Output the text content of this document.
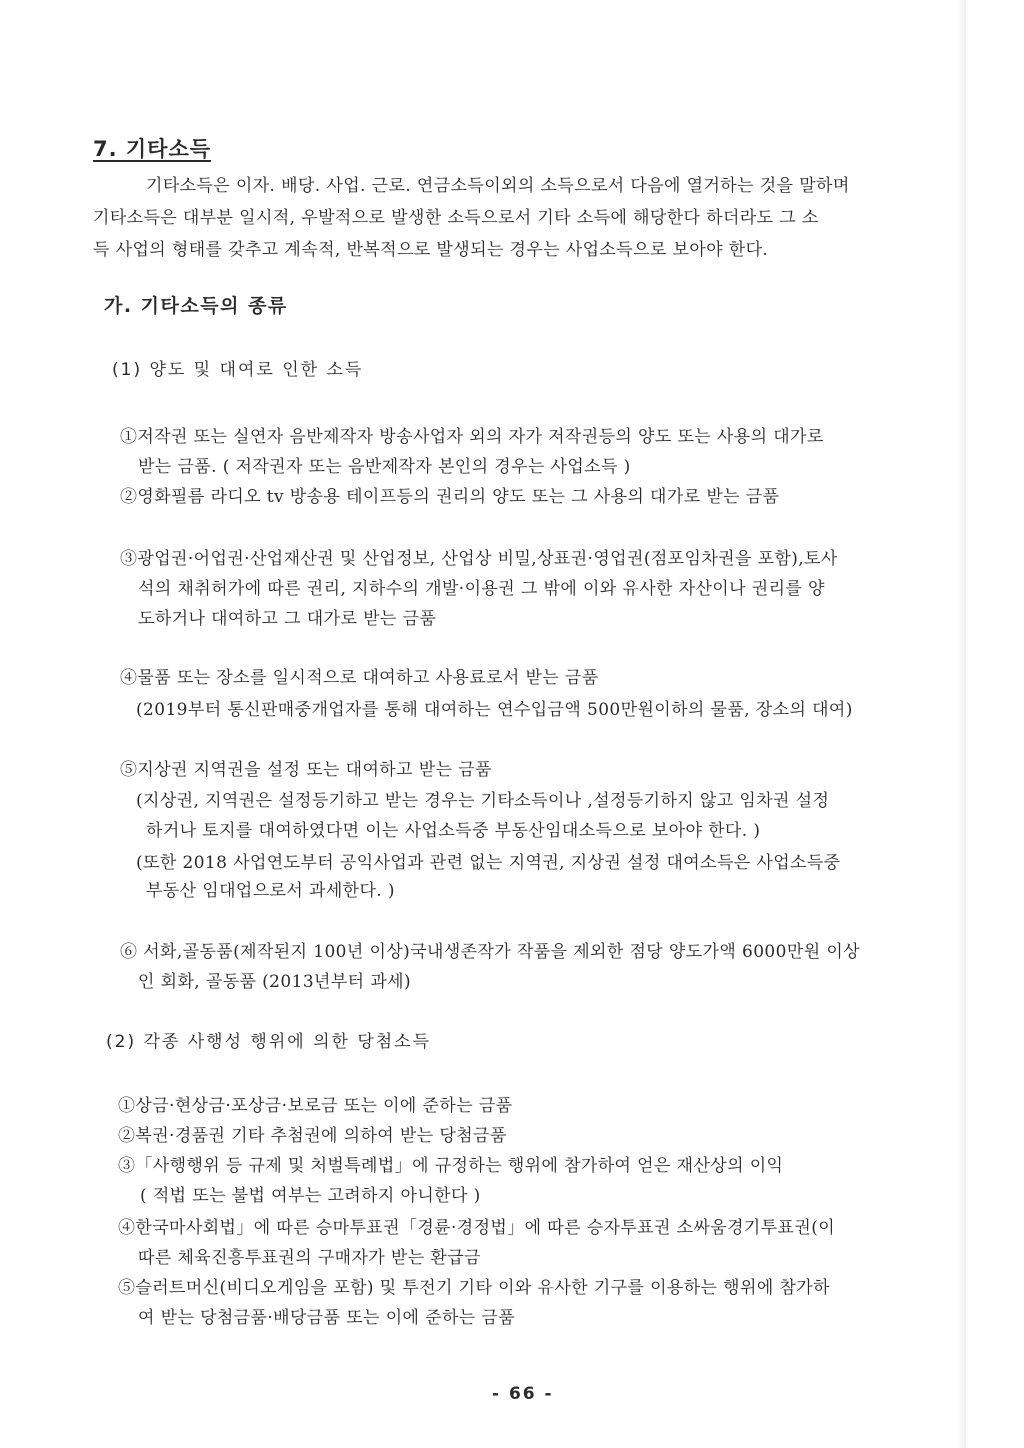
7. 기타소득
기타소득은 이자. 배당. 사업. 근로. 연금소득이외의 소득으로서 다음에 열거하는 것을 말하며
기타소득은 대부분 일시적, 우발적으로 발생한 소득으로서 기타 소득에 해당한다 하더라도 그 소
득 사업의 형태를 갖추고 계속적, 반복적으로 발생되는 경우는 사업소득으로 보아야 한다.
가. 기타소득의 종류
(1) 양도 및 대여로 인한 소득
①저작권 또는 실연자 음반제작자 방송사업자 외의 자가 저작권등의 양도 또는 사용의 대가로
받는 금품. ( 저작권자 또는 음반제작자 본인의 경우는 사업소득 )
②영화필름 라디오 tv 방송용 테이프등의 권리의 양도 또는 그 사용의 대가로 받는 금품
③광업권·어업권·산업재산권 및 산업정보, 산업상 비밀,상표권·영업권(점포임차권을 포함),토사
석의 채취허가에 따른 권리, 지하수의 개발·이용권 그 밖에 이와 유사한 자산이나 권리를 양
도하거나 대여하고 그 대가로 받는 금품
④물품 또는 장소를 일시적으로 대여하고 사용료로서 받는 금품
(2019부터 통신판매중개업자를 통해 대여하는 연수입금액 500만원이하의 물품, 장소의 대여)
⑤지상권 지역권을 설정 또는 대여하고 받는 금품
(지상권, 지역권은 설정등기하고 받는 경우는 기타소득이나 ,설정등기하지 않고 임차권 설정
하거나 토지를 대여하였다면 이는 사업소득중 부동산임대소득으로 보아야 한다. )
(또한 2018 사업연도부터 공익사업과 관련 없는 지역권, 지상권 설정 대여소득은 사업소득중
부동산 임대업으로서 과세한다. )
⑥ 서화,골동품(제작된지 100년 이상)국내생존작가 작품을 제외한 점당 양도가액 6000만원 이상
인 회화, 골동품 (2013년부터 과세)
(2) 각종 사행성 행위에 의한 당첨소득
①상금·현상금·포상금·보로금 또는 이에 준하는 금품
②복권·경품권 기타 추첨권에 의하여 받는 당첨금품
③「사행행위 등 규제 및 처벌특례법」에 규정하는 행위에 참가하여 얻은 재산상의 이익
( 적법 또는 불법 여부는 고려하지 아니한다 )
④한국마사회법」에 따른 승마투표권「경륜·경정법」에 따른 승자투표권 소싸움경기투표권(이
따른 체육진흥투표권의 구매자가 받는 환급금
⑤슬러트머신(비디오게임을 포함) 및 투전기 기타 이와 유사한 기구를 이용하는 행위에 참가하
여 받는 당첨금품·배당금품 또는 이에 준하는 금품
- 66 -
